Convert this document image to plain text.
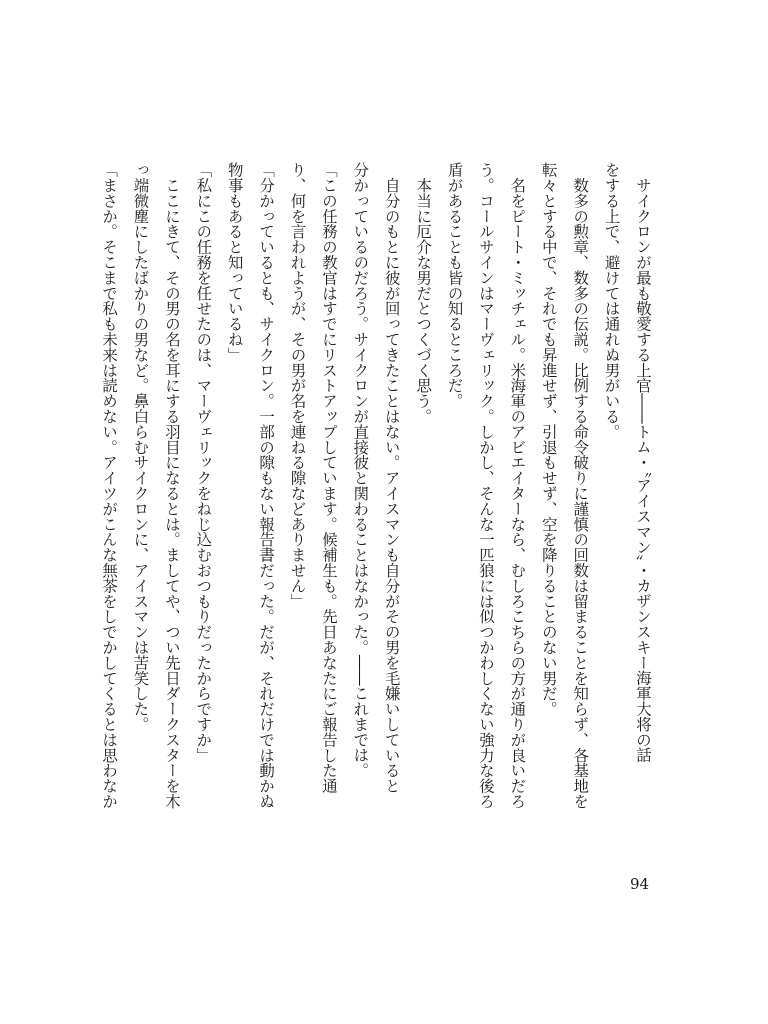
　サイクロンが最も敬愛する上官――トム・〝アイスマン〟・カザンスキー海軍大将の話
をする上で、避けては通れぬ男がいる。
　数多の勲章、数多の伝説。比例する命令破りに謹慎の回数は留まることを知らず、各基地を
転々とする中で、それでも昇進せず、引退もせず、空を降りることのない男だ。
　名をピート・ミッチェル。米海軍のアビエイターなら、むしろこちらの方が通りが良いだろ
う。コールサインはマーヴェリック。しかし、そんな一匹狼には似つかわしくない強力な後ろ
盾があることも皆の知るところだ。
　本当に厄介な男だとつくづく思う。
　自分のもとに彼が回ってきたことはない。アイスマンも自分がその男を毛嫌いしていると
分かっているのだろう。サイクロンが直接彼と関わることはなかった。――これまでは。
「この任務の教官はすでにリストアップしています。候補生も。先日あなたにご報告した通
り、何を言われようが、その男が名を連ねる隙などありません」
「分かっているとも、サイクロン。一部の隙もない報告書だった。だが、それだけでは動かぬ
物事もあると知っているね」
「私にこの任務を任せたのは、マーヴェリックをねじ込むおつもりだったからですか」
　ここにきて、その男の名を耳にする羽目になるとは。ましてや、つい先日ダークスターを木
っ端微塵にしたばかりの男など。鼻白らむサイクロンに、アイスマンは苦笑した。
「まさか。そこまで私も未来は読めない。アイツがこんな無茶をしでかしてくるとは思わなか
94
